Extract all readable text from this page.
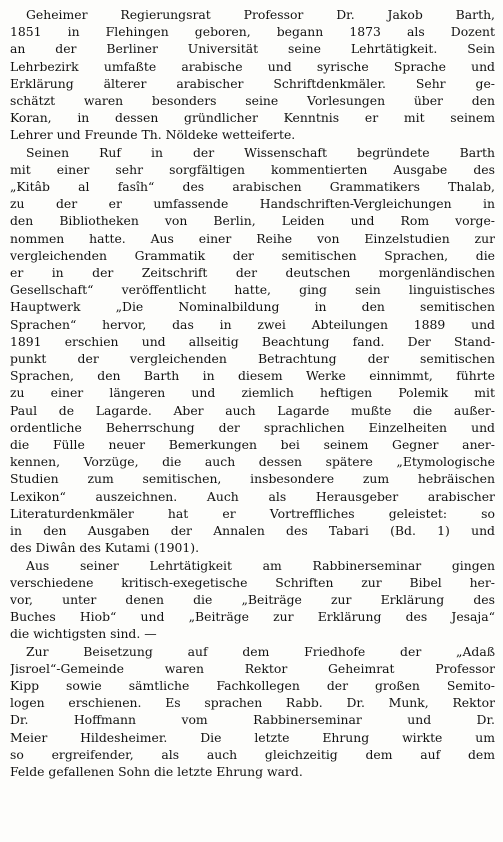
Geheimer Regierungsrat Professor Dr. Jakob Barth,
1851 in Flehingen geboren, begann 1873 als Dozent
an der Berliner Universität seine Lehrtätigkeit. Sein
Lehrbezirk umfaßte arabische und syrische Sprache und
Erklärung älterer arabischer Schriftdenkmäler. Sehr ge-
schätzt waren besonders seine Vorlesungen über den
Koran, in dessen gründlicher Kenntnis er mit seinem
Lehrer und Freunde Th. Nöldeke wetteiferte.
Seinen Ruf in der Wissenschaft begründete Barth
mit einer sehr sorgfältigen kommentierten Ausgabe des
„Kitâb al fasîh“ des arabischen Grammatikers Thalab,
zu der er umfassende Handschriften-Vergleichungen in
den Bibliotheken von Berlin, Leiden und Rom vorge-
nommen hatte. Aus einer Reihe von Einzelstudien zur
vergleichenden Grammatik der semitischen Sprachen, die
er in der Zeitschrift der deutschen morgenländischen
Gesellschaft“ veröffentlicht hatte, ging sein linguistisches
Hauptwerk „Die Nominalbildung in den semitischen
Sprachen“ hervor, das in zwei Abteilungen 1889 und
1891 erschien und allseitig Beachtung fand. Der Stand-
punkt der vergleichenden Betrachtung der semitischen
Sprachen, den Barth in diesem Werke einnimmt, führte
zu einer längeren und ziemlich heftigen Polemik mit
Paul de Lagarde. Aber auch Lagarde mußte die außer-
ordentliche Beherrschung der sprachlichen Einzelheiten und
die Fülle neuer Bemerkungen bei seinem Gegner aner-
kennen, Vorzüge, die auch dessen spätere „Etymologische
Studien zum semitischen, insbesondere zum hebräischen
Lexikon“ auszeichnen. Auch als Herausgeber arabischer
Literaturdenkmäler hat er Vortreffliches geleistet: so
in den Ausgaben der Annalen des Tabari (Bd. 1) und
des Diwân des Kutami (1901).
Aus seiner Lehrtätigkeit am Rabbinerseminar gingen
verschiedene kritisch-exegetische Schriften zur Bibel her-
vor, unter denen die „Beiträge zur Erklärung des
Buches Hiob“ und „Beiträge zur Erklärung des Jesaja“
die wichtigsten sind. —
Zur Beisetzung auf dem Friedhofe der „Adaß
Jisroel“-Gemeinde waren Rektor Geheimrat Professor
Kipp sowie sämtliche Fachkollegen der großen Semito-
logen erschienen. Es sprachen Rabb. Dr. Munk, Rektor
Dr. Hoffmann vom Rabbinerseminar und Dr.
Meier Hildesheimer. Die letzte Ehrung wirkte um
so ergreifender, als auch gleichzeitig dem auf dem
Felde gefallenen Sohn die letzte Ehrung ward.
